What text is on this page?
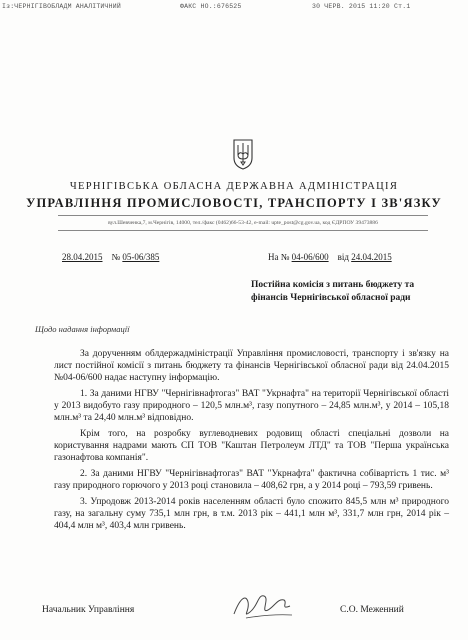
Із:ЧЕРНІГІВОБЛАДМ АНАЛІТИЧНИЙ	ФАКС НО.:676525	30 ЧЕРВ. 2015 11:20 Ст.1
ЧЕРНІГІВСЬКА ОБЛАСНА ДЕРЖАВНА АДМІНІСТРАЦІЯ
УПРАВЛІННЯ ПРОМИСЛОВОСТІ, ТРАНСПОРТУ І ЗВ'ЯЗКУ
вул.Шевченка,7, м.Чернігів, 14000, тел./факс (0462)66-53-42, e-mail: upte_post@cg.gov.ua, код ЄДРПОУ 39473886
28.04.2015 № 05-06/385	На № 04-06/600 від 24.04.2015
Постійна комісія з питань бюджету та фінансів Чернігівської обласної ради
Щодо надання інформації

За дорученням облдержадміністрації Управління промисловості, транспорту і зв'язку на лист постійної комісії з питань бюджету та фінансів Чернігівської обласної ради від 24.04.2015 №04-06/600 надає наступну інформацію.

1. За даними НГВУ "Чернігівнафтогаз" ВАТ "Укрнафта" на території Чернігівської області у 2013 видобуто газу природного – 120,5 млн.м³, газу попутного – 24,85 млн.м³, у 2014 – 105,18 млн.м³ та 24,40 млн.м³ відповідно.

Крім того, на розробку вуглеводневих родовищ області спеціальні дозволи на користування надрами мають СП ТОВ "Каштан Петролеум ЛТД" та ТОВ "Перша українська газонафтова компанія".

2. За даними НГВУ "Чернігівнафтогаз" ВАТ "Укрнафта" фактична собівартість 1 тис. м³ газу природного горючого у 2013 році становила – 408,62 грн, а у 2014 році – 793,59 гривень.

3. Упродовж 2013-2014 років населенням області було спожито 845,5 млн м³ природного газу, на загальну суму 735,1 млн грн, в т.м. 2013 рік – 441,1 млн м³, 331,7 млн грн, 2014 рік – 404,4 млн м³, 403,4 млн гривень.

Начальник Управління	С.О. Меженний
